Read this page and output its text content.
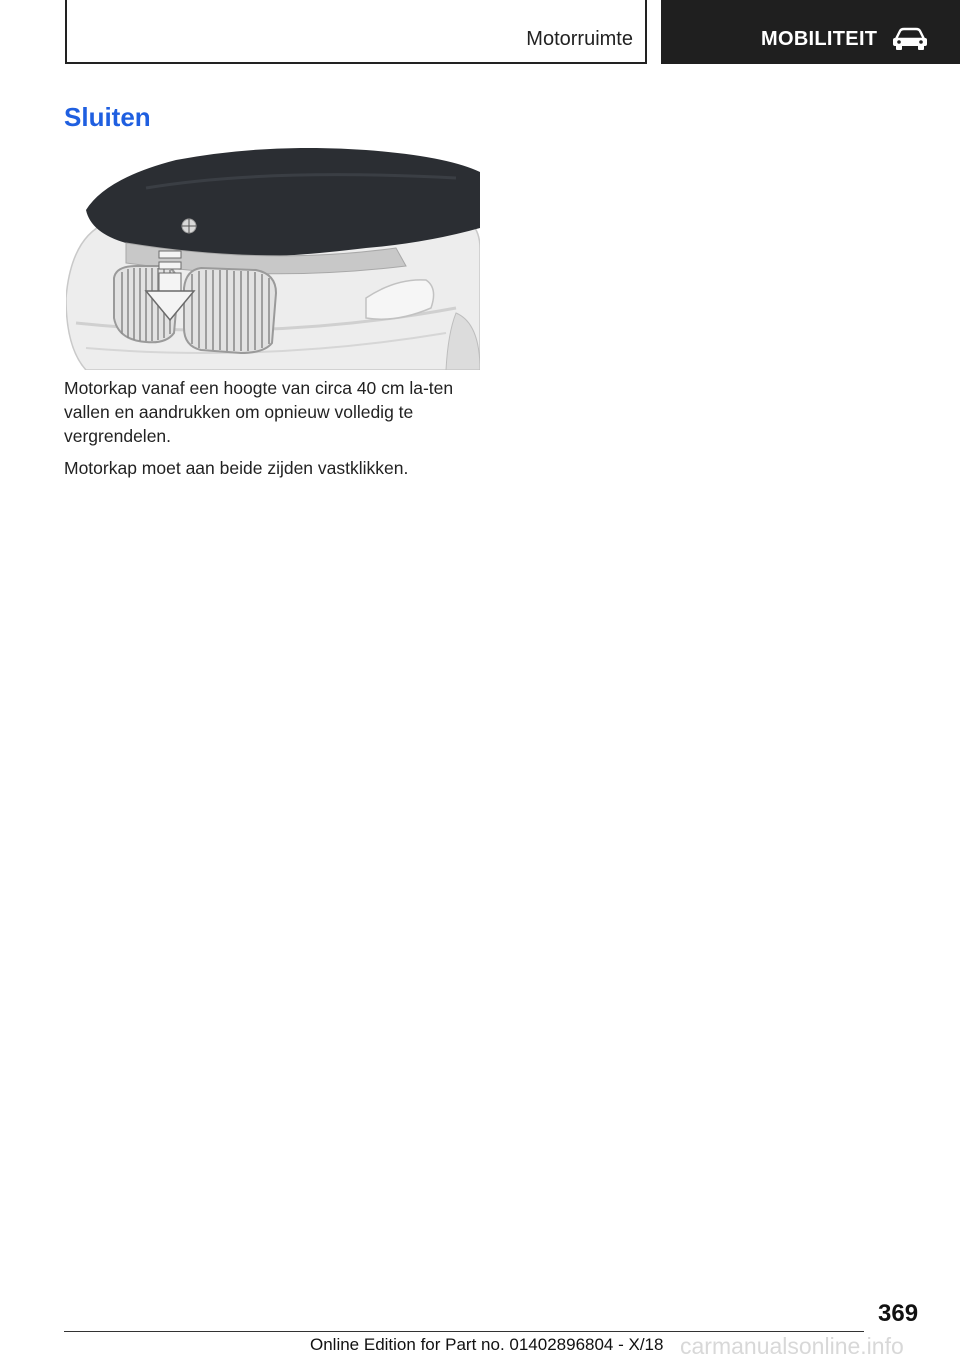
Motorruimte	MOBILITEIT
Sluiten

Motorkap vanaf een hoogte van circa 40 cm la-ten vallen en aandrukken om opnieuw volledig te vergrendelen.

Motorkap moet aan beide zijden vastklikken.

369
Online Edition for Part no. 01402896804 - X/18 carmanualsonline.info
